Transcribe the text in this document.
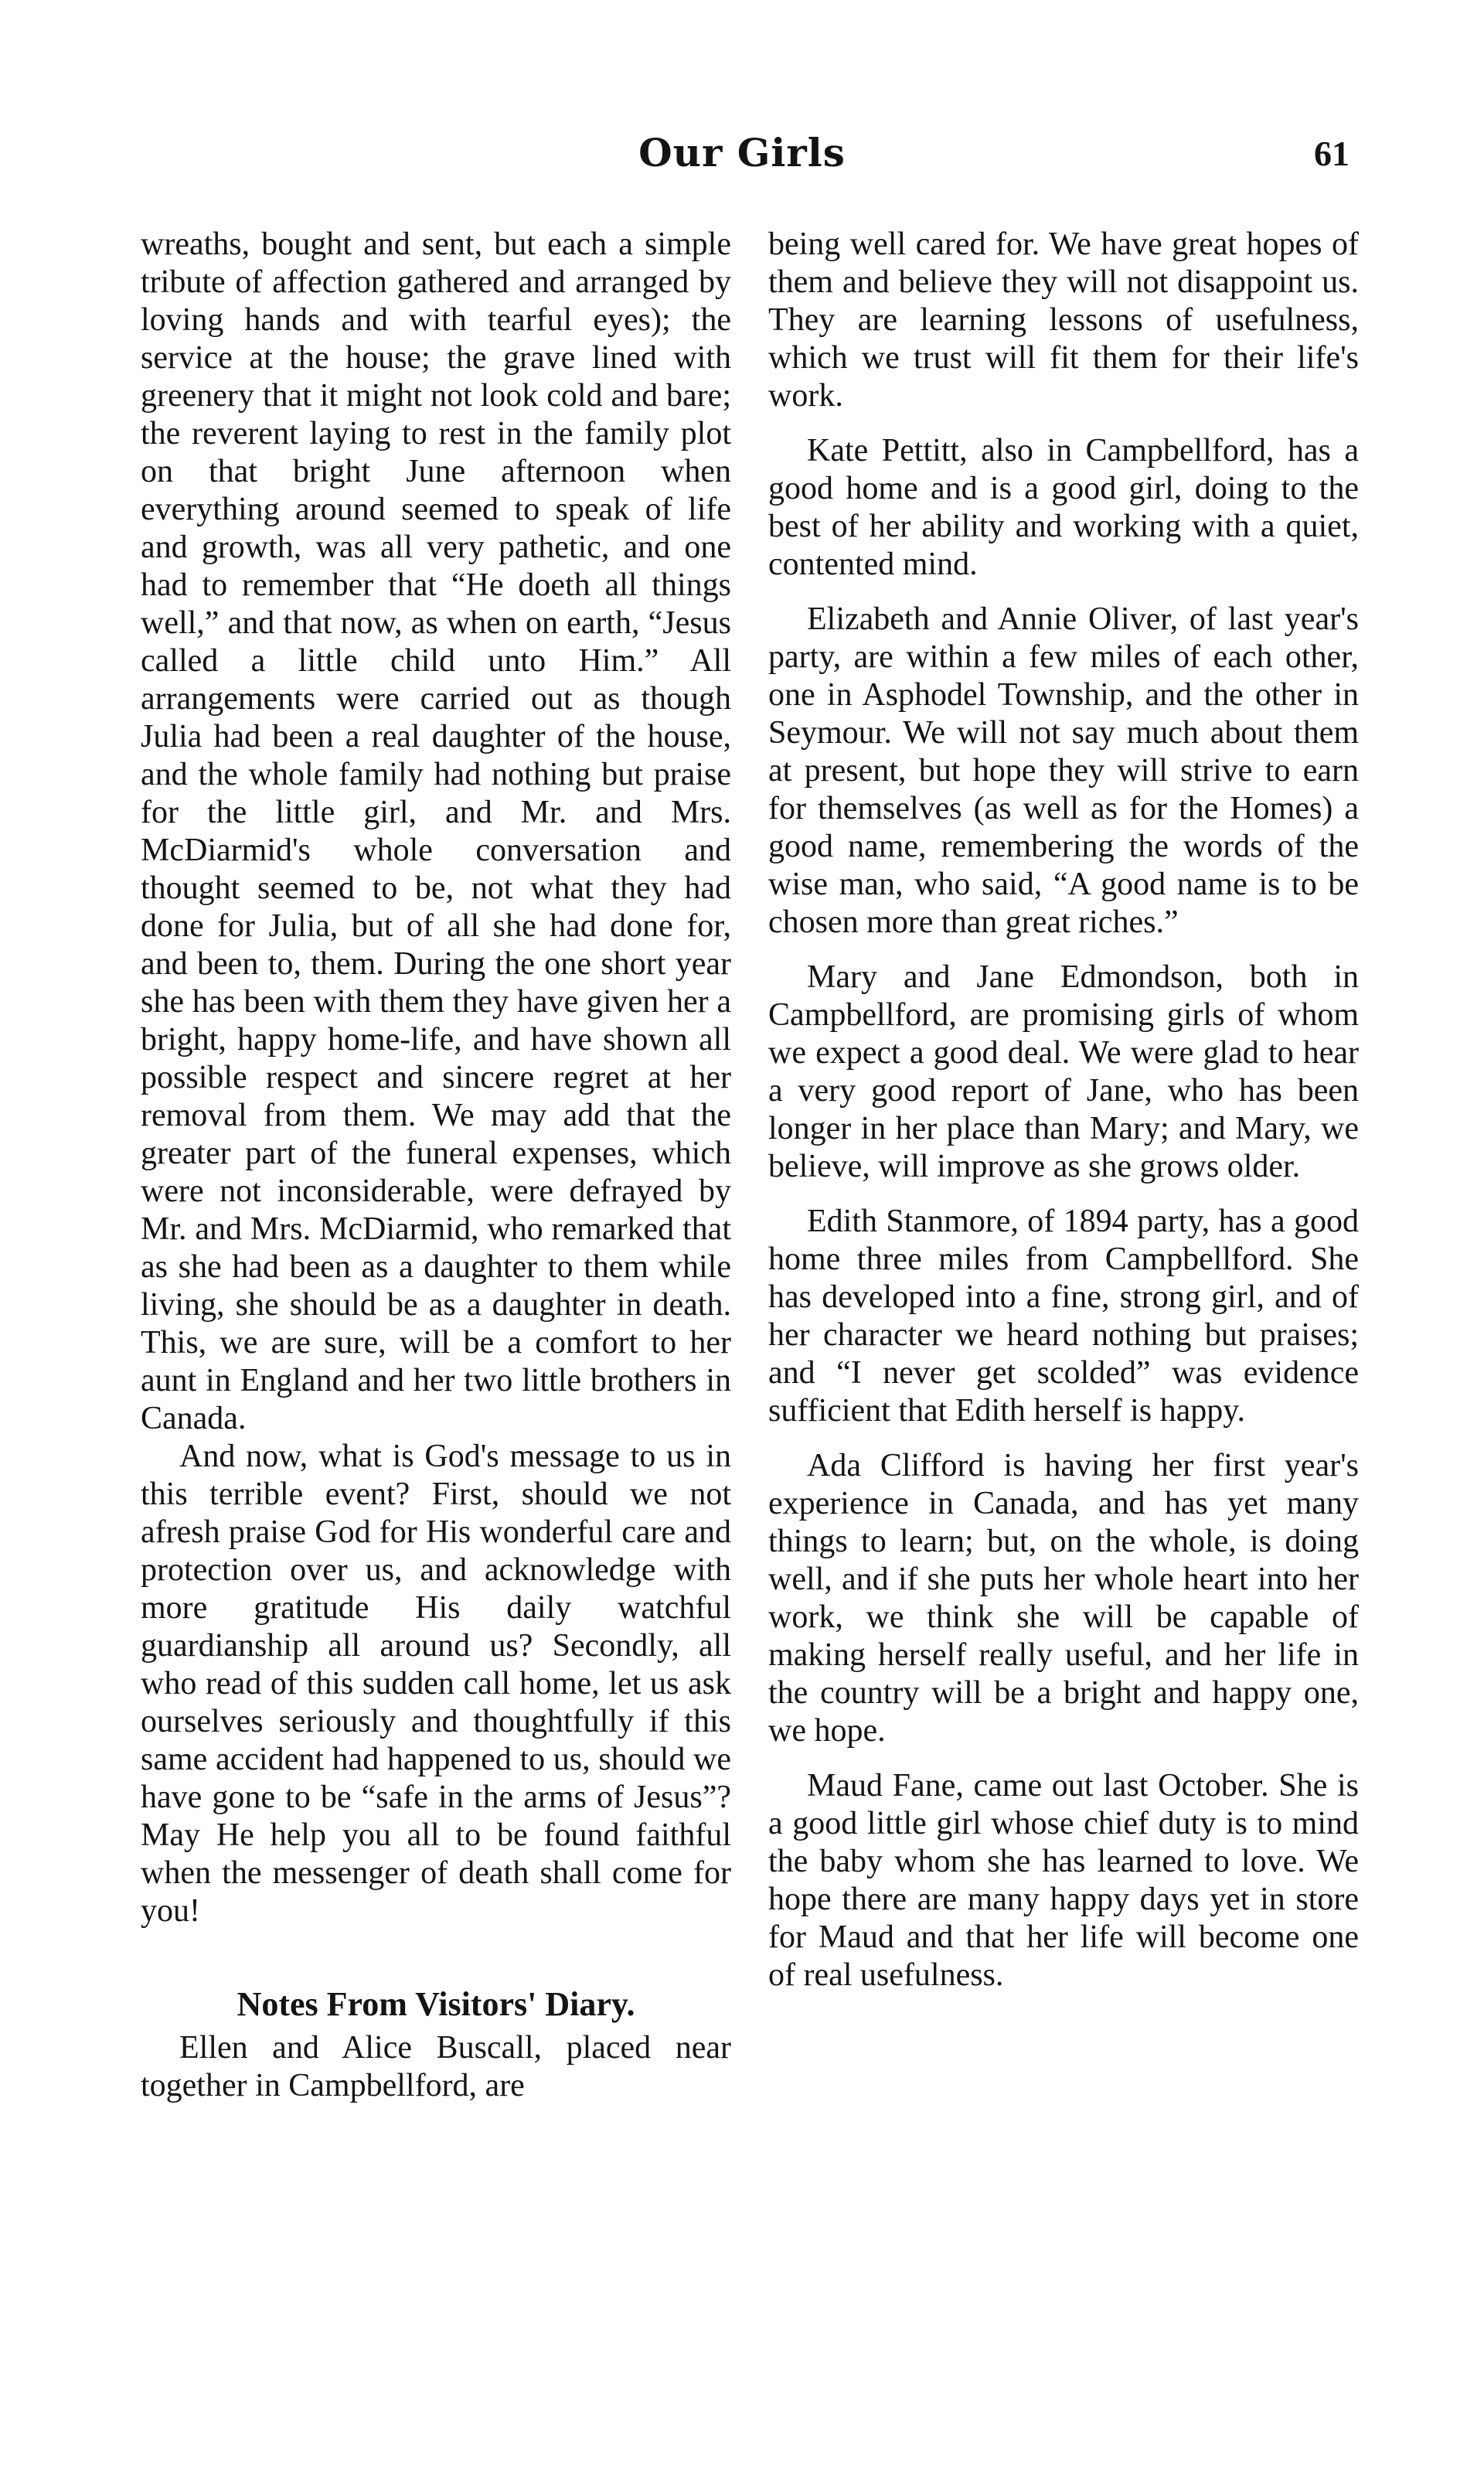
Our Girls	61

wreaths, bought and sent, but each a simple tribute of affection gathered and arranged by loving hands and with tearful eyes); the service at the house; the grave lined with greenery that it might not look cold and bare; the reverent laying to rest in the family plot on that bright June afternoon when everything around seemed to speak of life and growth, was all very pathetic, and one had to remember that “He doeth all things well,” and that now, as when on earth, “Jesus called a little child unto Him.” All arrangements were carried out as though Julia had been a real daughter of the house, and the whole family had nothing but praise for the little girl, and Mr. and Mrs. McDiarmid's whole conversation and thought seemed to be, not what they had done for Julia, but of all she had done for, and been to, them. During the one short year she has been with them they have given her a bright, happy home-life, and have shown all possible respect and sincere regret at her removal from them. We may add that the greater part of the funeral expenses, which were not inconsiderable, were defrayed by Mr. and Mrs. McDiarmid, who remarked that as she had been as a daughter to them while living, she should be as a daughter in death. This, we are sure, will be a comfort to her aunt in England and her two little brothers in Canada.

And now, what is God's message to us in this terrible event? First, should we not afresh praise God for His wonderful care and protection over us, and acknowledge with more gratitude His daily watchful guardianship all around us? Secondly, all who read of this sudden call home, let us ask ourselves seriously and thoughtfully if this same accident had happened to us, should we have gone to be “safe in the arms of Jesus”? May He help you all to be found faithful when the messenger of death shall come for you!

Notes From Visitors' Diary.

Ellen and Alice Buscall, placed near together in Campbellford, are

being well cared for. We have great hopes of them and believe they will not disappoint us. They are learning lessons of usefulness, which we trust will fit them for their life's work.

Kate Pettitt, also in Campbellford, has a good home and is a good girl, doing to the best of her ability and working with a quiet, contented mind.

Elizabeth and Annie Oliver, of last year's party, are within a few miles of each other, one in Asphodel Township, and the other in Seymour. We will not say much about them at present, but hope they will strive to earn for themselves (as well as for the Homes) a good name, remembering the words of the wise man, who said, “A good name is to be chosen more than great riches.”

Mary and Jane Edmondson, both in Campbellford, are promising girls of whom we expect a good deal. We were glad to hear a very good report of Jane, who has been longer in her place than Mary; and Mary, we believe, will improve as she grows older.

Edith Stanmore, of 1894 party, has a good home three miles from Campbellford. She has developed into a fine, strong girl, and of her character we heard nothing but praises; and “I never get scolded” was evidence sufficient that Edith herself is happy.

Ada Clifford is having her first year's experience in Canada, and has yet many things to learn; but, on the whole, is doing well, and if she puts her whole heart into her work, we think she will be capable of making herself really useful, and her life in the country will be a bright and happy one, we hope.

Maud Fane, came out last October. She is a good little girl whose chief duty is to mind the baby whom she has learned to love. We hope there are many happy days yet in store for Maud and that her life will become one of real usefulness.
